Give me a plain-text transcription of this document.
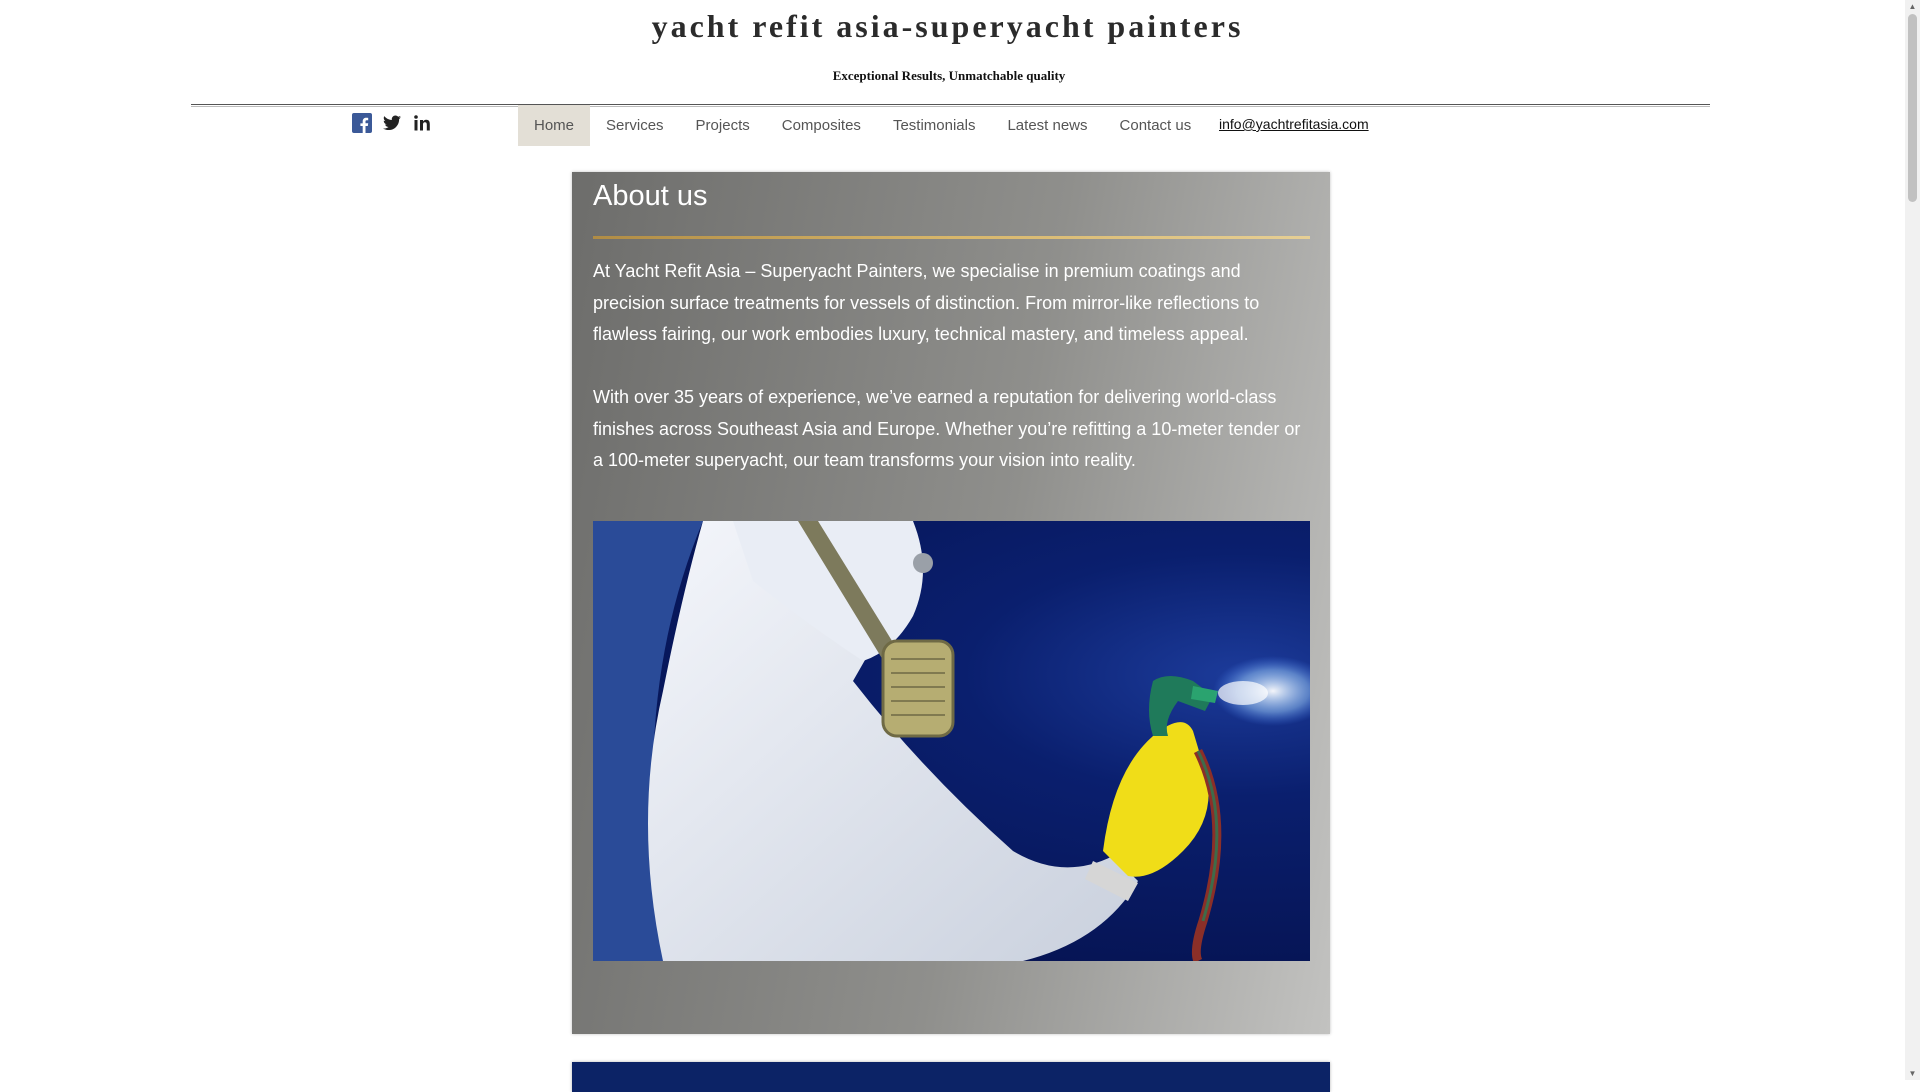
yacht refit asia-superyacht painters
Exceptional Results, Unmatchable quality
Home	Services	Projects	Composites	Testimonials	Latest news	Contact us	info@yachtrefitasia.com
About us

At Yacht Refit Asia – Superyacht Painters, we specialise in premium coatings and precision surface treatments for vessels of distinction. From mirror-like reflections to flawless fairing, our work embodies luxury, technical mastery, and timeless appeal.

With over 35 years of experience, we’ve earned a reputation for delivering world-class finishes across Southeast Asia and Europe. Whether you’re refitting a 10-meter tender or a 100-meter superyacht, our team transforms your vision into reality.

▲
▼
